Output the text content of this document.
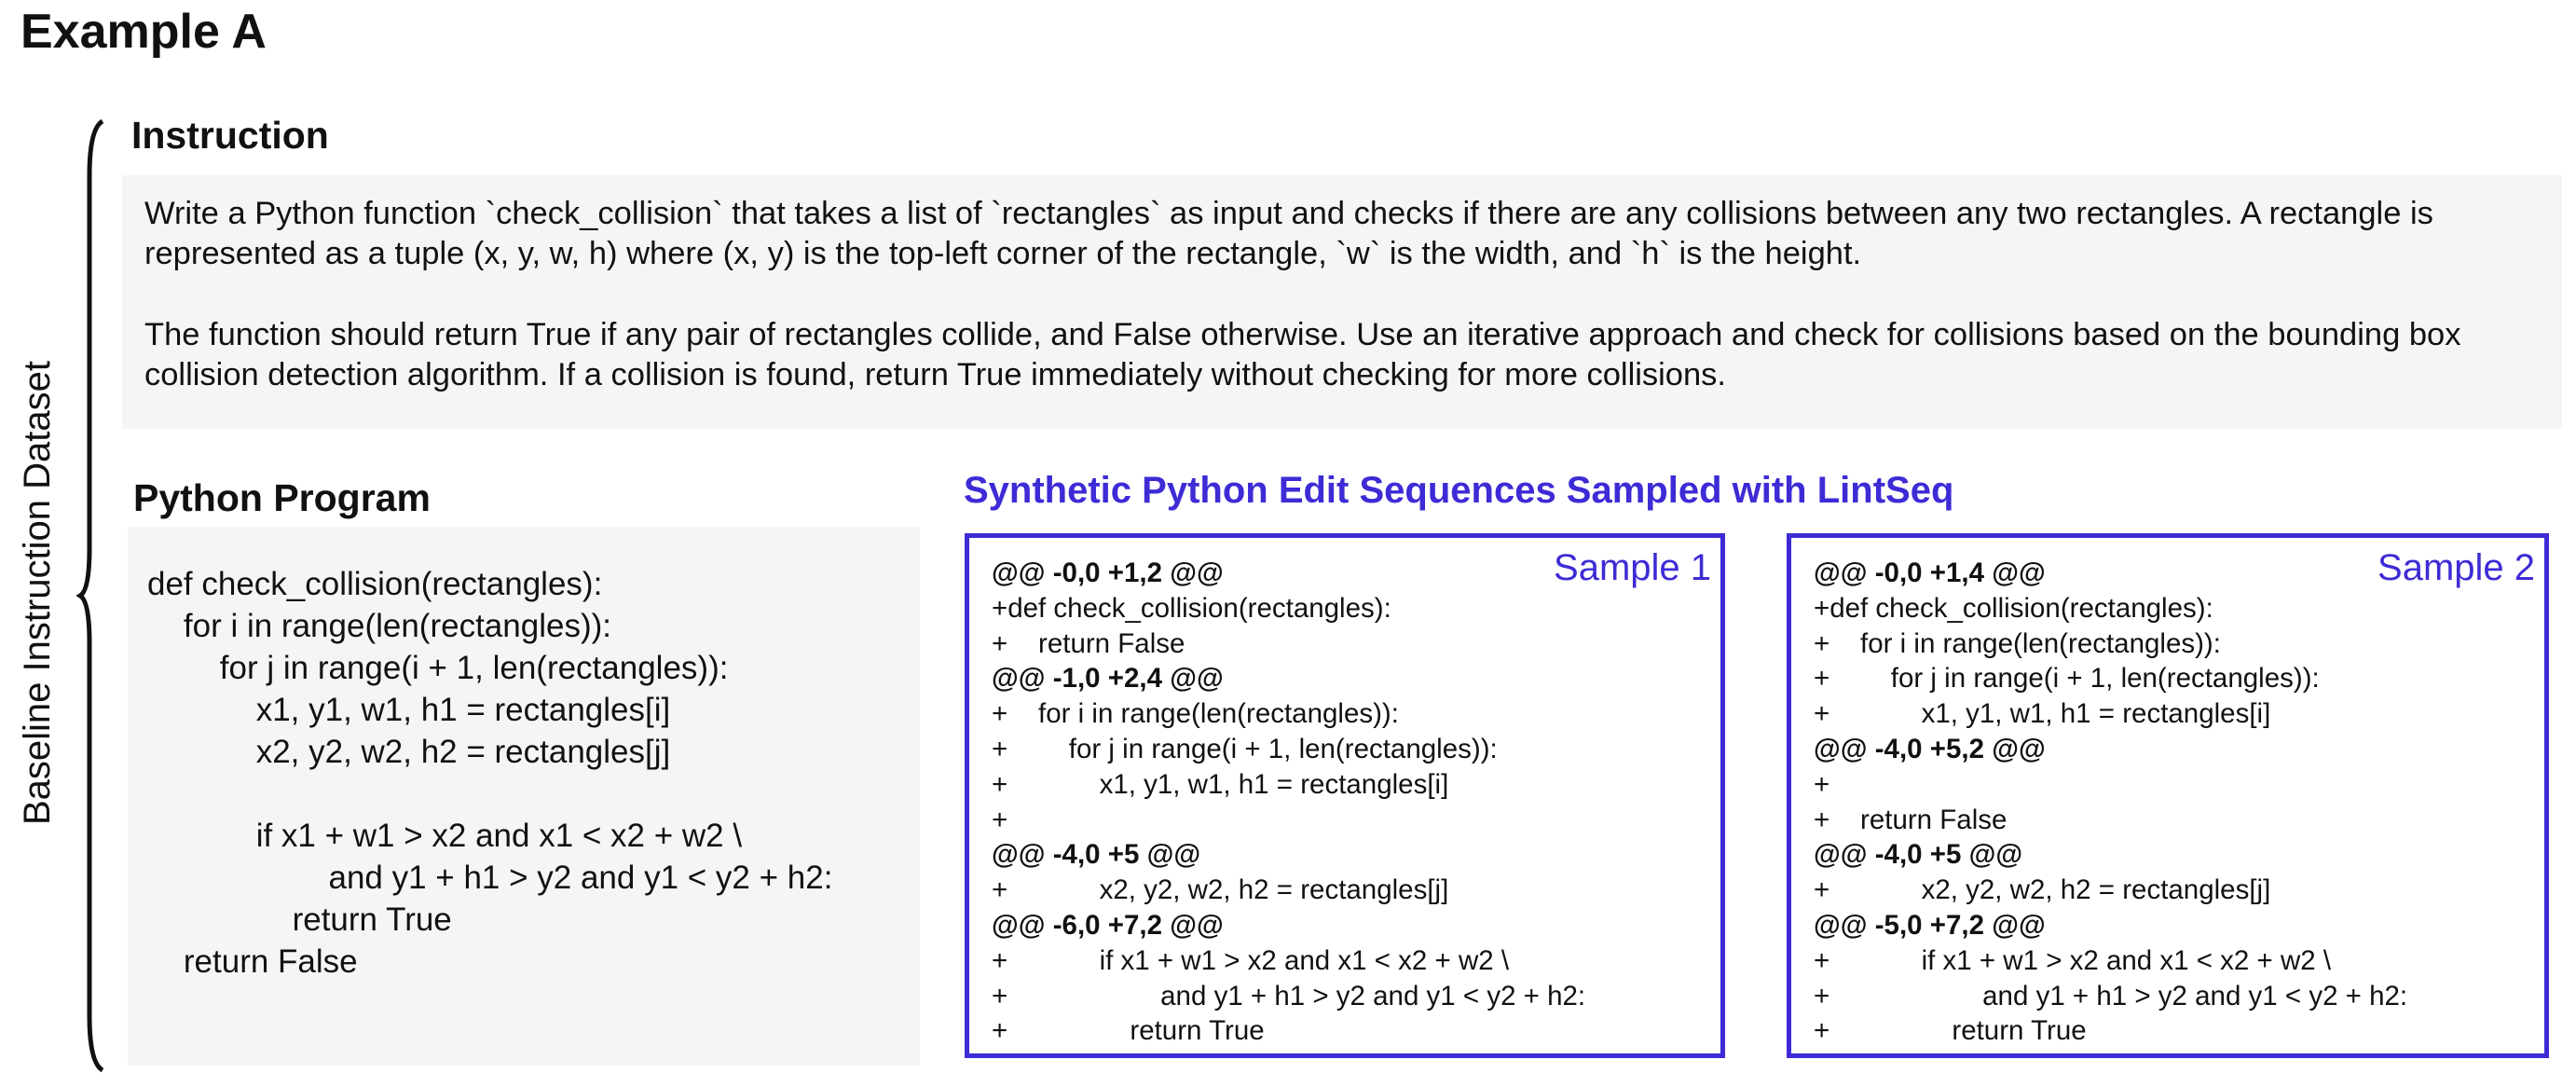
Example A
Baseline Instruction Dataset
Instruction

Write a Python function `check_collision` that takes a list of `rectangles` as input and checks if there are any collisions between any two rectangles. A rectangle is represented as a tuple (x, y, w, h) where (x, y) is the top-left corner of the rectangle, `w` is the width, and `h` is the height.

The function should return True if any pair of rectangles collide, and False otherwise. Use an iterative approach and check for collisions based on the bounding box collision detection algorithm. If a collision is found, return True immediately without checking for more collisions.

Python Program
def check_collision(rectangles):
for i in range(len(rectangles)):
for j in range(i + 1, len(rectangles)):
x1, y1, w1, h1 = rectangles[i]
x2, y2, w2, h2 = rectangles[j]
if x1 + w1 > x2 and x1 < x2 + w2 \
and y1 + h1 > y2 and y1 < y2 + h2:
return True
return False
Synthetic Python Edit Sequences Sampled with LintSeq
Sample 1
@@ -0,0 +1,2 @@
+def check_collision(rectangles):
+    return False
@@ -1,0 +2,4 @@
+    for i in range(len(rectangles)):
+        for j in range(i + 1, len(rectangles)):
+            x1, y1, w1, h1 = rectangles[i]
+
@@ -4,0 +5 @@
+            x2, y2, w2, h2 = rectangles[j]
@@ -6,0 +7,2 @@
+            if x1 + w1 > x2 and x1 < x2 + w2 \
+                    and y1 + h1 > y2 and y1 < y2 + h2:
+                return True
Sample 2
@@ -0,0 +1,4 @@
+def check_collision(rectangles):
+    for i in range(len(rectangles)):
+        for j in range(i + 1, len(rectangles)):
+            x1, y1, w1, h1 = rectangles[i]
@@ -4,0 +5,2 @@
+
+    return False
@@ -4,0 +5 @@
+            x2, y2, w2, h2 = rectangles[j]
@@ -5,0 +7,2 @@
+            if x1 + w1 > x2 and x1 < x2 + w2 \
+                    and y1 + h1 > y2 and y1 < y2 + h2:
+                return True
